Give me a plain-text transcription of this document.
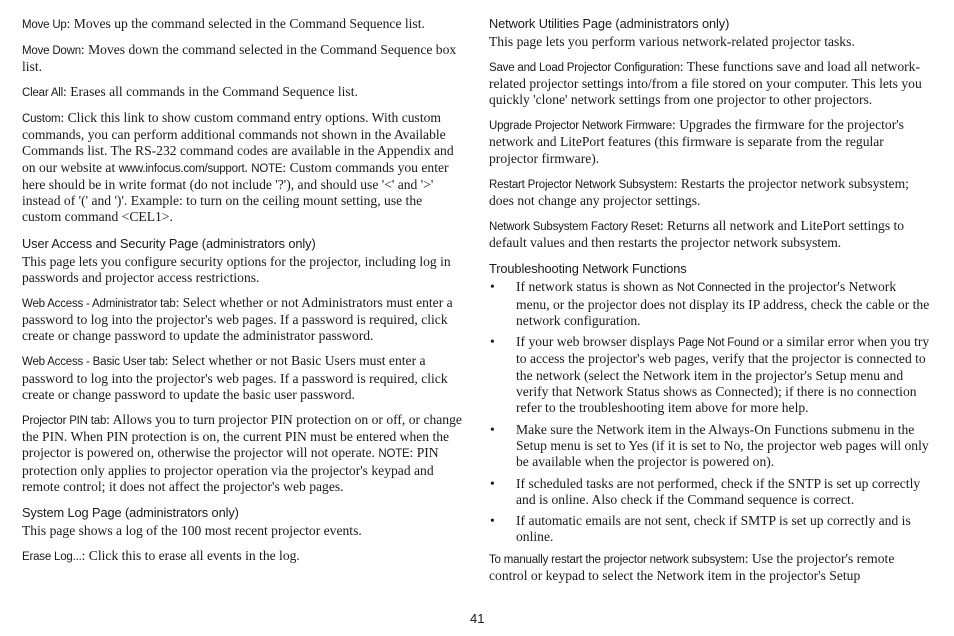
Move Up: Moves up the command selected in the Command Sequence list.

Move Down: Moves down the command selected in the Command Sequence box list.

Clear All: Erases all commands in the Command Sequence list.

Custom: Click this link to show custom command entry options. With custom commands, you can perform additional commands not shown in the Available Commands list. The RS-232 command codes are available in the Appendix and on our website at www.infocus.com/support. NOTE: Custom commands you enter here should be in write format (do not include '?'), and should use '<' and '>' instead of '(' and ')'. Example: to turn on the ceiling mount setting, use the custom command <CEL1>.

User Access and Security Page (administrators only)

This page lets you configure security options for the projector, including log in passwords and projector access restrictions.

Web Access - Administrator tab: Select whether or not Administrators must enter a password to log into the projector's web pages. If a password is required, click create or change password to update the administrator password.

Web Access - Basic User tab: Select whether or not Basic Users must enter a password to log into the projector's web pages. If a password is required, click create or change password to update the basic user password.

Projector PIN tab: Allows you to turn projector PIN protection on or off, or change the PIN. When PIN protection is on, the current PIN must be entered when the projector is powered on, otherwise the projector will not operate. NOTE: PIN protection only applies to projector operation via the projector's keypad and remote control; it does not affect the projector's web pages.

System Log Page (administrators only)

This page shows a log of the 100 most recent projector events.

Erase Log...: Click this to erase all events in the log.

Network Utilities Page (administrators only)

This page lets you perform various network-related projector tasks.

Save and Load Projector Configuration: These functions save and load all network-related projector settings into/from a file stored on your computer. This lets you quickly 'clone' network settings from one projector to other projectors.

Upgrade Projector Network Firmware: Upgrades the firmware for the projector's network and LitePort features (this firmware is separate from the regular projector firmware).

Restart Projector Network Subsystem: Restarts the projector network subsystem; does not change any projector settings.

Network Subsystem Factory Reset: Returns all network and LitePort settings to default values and then restarts the projector network subsystem.

Troubleshooting Network Functions
• If network status is shown as Not Connected in the projector's Network menu, or the projector does not display its IP address, check the cable or the network configuration.
• If your web browser displays Page Not Found or a similar error when you try to access the projector's web pages, verify that the projector is connected to the network (select the Network item in the projector's Setup menu and verify that Network Status shows as Connected); if there is no connection refer to the troubleshooting item above for more help.
• Make sure the Network item in the Always-On Functions submenu in the Setup menu is set to Yes (if it is set to No, the projector web pages will only be available when the projector is powered on).
• If scheduled tasks are not performed, check if the SNTP is set up correctly and is online. Also check if the Command sequence is correct.
• If automatic emails are not sent, check if SMTP is set up correctly and is online.

To manually restart the projector network subsystem: Use the projector's remote control or keypad to select the Network item in the projector's Setup

41
